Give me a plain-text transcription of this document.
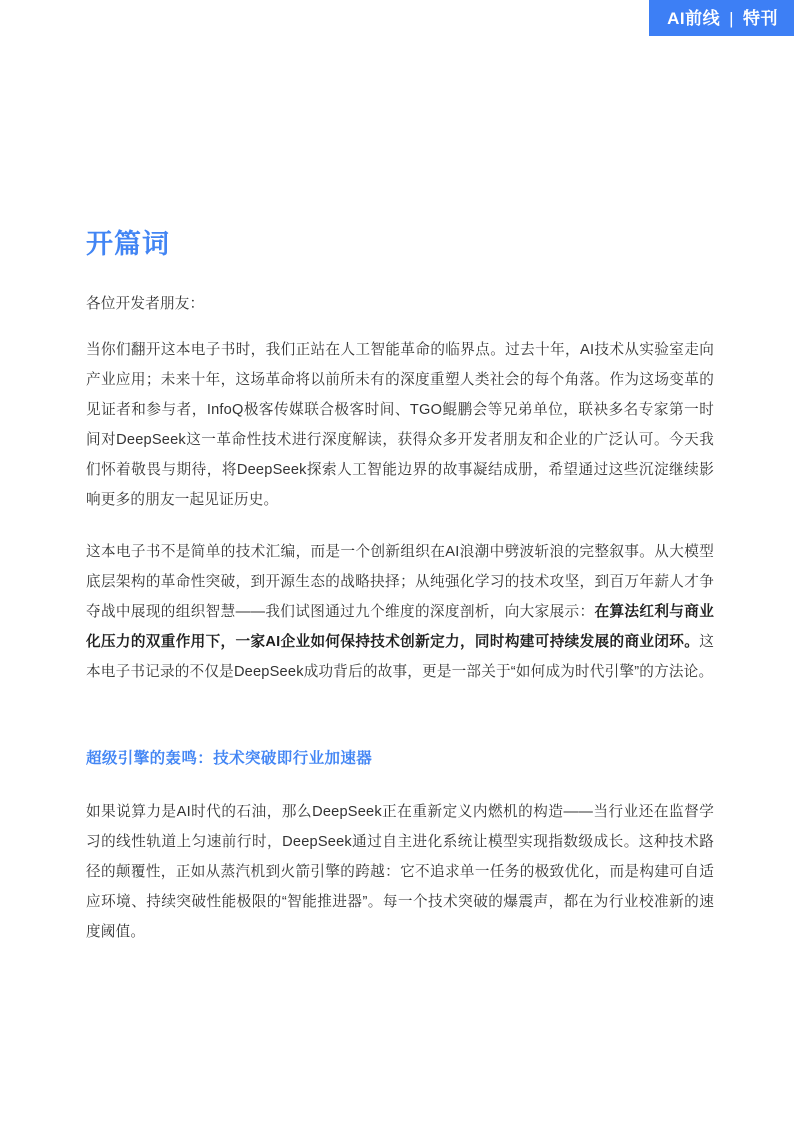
AI前线 | 特刊
开篇词
各位开发者朋友：
当你们翻开这本电子书时，我们正站在人工智能革命的临界点。过去十年，AI技术从实验室走向产业应用；未来十年，这场革命将以前所未有的深度重塑人类社会的每个角落。作为这场变革的见证者和参与者，InfoQ极客传媒联合极客时间、TGO鲲鹏会等兄弟单位，联袂多名专家第一时间对DeepSeek这一革命性技术进行深度解读，获得众多开发者朋友和企业的广泛认可。今天我们怀着敬畏与期待，将DeepSeek探索人工智能边界的故事凝结成册，希望通过这些沉淀继续影响更多的朋友一起见证历史。
这本电子书不是简单的技术汇编，而是一个创新组织在AI浪潮中劈波斩浪的完整叙事。从大模型底层架构的革命性突破，到开源生态的战略抉择；从纯强化学习的技术攻坚，到百万年薪人才争夺战中展现的组织智慧——我们试图通过九个维度的深度剖析，向大家展示：在算法红利与商业化压力的双重作用下，一家AI企业如何保持技术创新定力，同时构建可持续发展的商业闭环。这本电子书记录的不仅是DeepSeek成功背后的故事，更是一部关于“如何成为时代引擎”的方法论。
超级引擎的轰鸣：技术突破即行业加速器
如果说算力是AI时代的石油，那么DeepSeek正在重新定义内燃机的构造——当行业还在监督学习的线性轨道上匀速前行时，DeepSeek通过自主进化系统让模型实现指数级成长。这种技术路径的颠覆性，正如从蒸汽机到火箭引擎的跨越：它不追求单一任务的极致优化，而是构建可自适应环境、持续突破性能极限的“智能推进器”。每一个技术突破的爆震声，都在为行业校准新的速度阈值。
